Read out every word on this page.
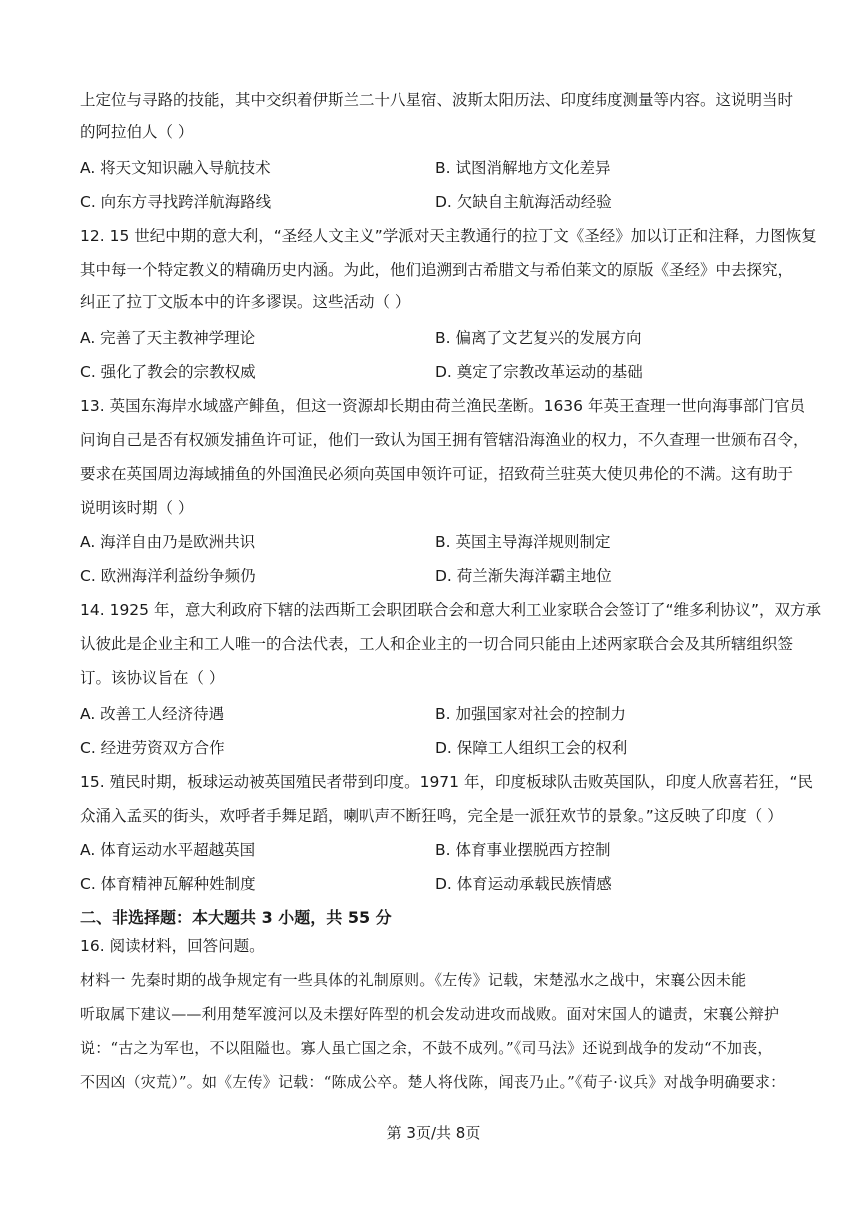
上定位与寻路的技能，其中交织着伊斯兰二十八星宿、波斯太阳历法、印度纬度测量等内容。这说明当时
的阿拉伯人（ ）
A. 将天文知识融入导航技术	B. 试图消解地方文化差异
C. 向东方寻找跨洋航海路线	D. 欠缺自主航海活动经验
12. 15 世纪中期的意大利，“圣经人文主义”学派对天主教通行的拉丁文《圣经》加以订正和注释，力图恢复
其中每一个特定教义的精确历史内涵。为此，他们追溯到古希腊文与希伯莱文的原版《圣经》中去探究，
纠正了拉丁文版本中的许多谬误。这些活动（ ）
A. 完善了天主教神学理论	B. 偏离了文艺复兴的发展方向
C. 强化了教会的宗教权威	D. 奠定了宗教改革运动的基础
13. 英国东海岸水域盛产鲱鱼，但这一资源却长期由荷兰渔民垄断。1636 年英王查理一世向海事部门官员
问询自己是否有权颁发捕鱼许可证，他们一致认为国王拥有管辖沿海渔业的权力，不久查理一世颁布召令，
要求在英国周边海域捕鱼的外国渔民必须向英国申领许可证，招致荷兰驻英大使贝弗伦的不满。这有助于
说明该时期（ ）
A. 海洋自由乃是欧洲共识	B. 英国主导海洋规则制定
C. 欧洲海洋利益纷争频仍	D. 荷兰渐失海洋霸主地位
14. 1925 年，意大利政府下辖的法西斯工会职团联合会和意大利工业家联合会签订了“维多利协议”，双方承
认彼此是企业主和工人唯一的合法代表，工人和企业主的一切合同只能由上述两家联合会及其所辖组织签
订。该协议旨在（ ）
A. 改善工人经济待遇	B. 加强国家对社会的控制力
C. 经进劳资双方合作	D. 保障工人组织工会的权利
15. 殖民时期，板球运动被英国殖民者带到印度。1971 年，印度板球队击败英国队，印度人欣喜若狂，“民
众涌入孟买的街头，欢呼者手舞足蹈，喇叭声不断狂鸣，完全是一派狂欢节的景象。”这反映了印度（ ）
A. 体育运动水平超越英国	B. 体育事业摆脱西方控制
C. 体育精神瓦解种姓制度	D. 体育运动承载民族情感
二、非选择题：本大题共 3 小题，共 55 分
16. 阅读材料，回答问题。
材料一 先秦时期的战争规定有一些具体的礼制原则。《左传》记载，宋楚泓水之战中，宋襄公因未能
听取属下建议——利用楚军渡河以及未摆好阵型的机会发动进攻而战败。面对宋国人的谴责，宋襄公辩护
说：“古之为军也，不以阻隘也。寡人虽亡国之余，不鼓不成列。”《司马法》还说到战争的发动“不加丧，
不因凶（灾荒）”。如《左传》记载：“陈成公卒。楚人将伐陈，闻丧乃止。”《荀子·议兵》对战争明确要求：
第 3页/共 8页
